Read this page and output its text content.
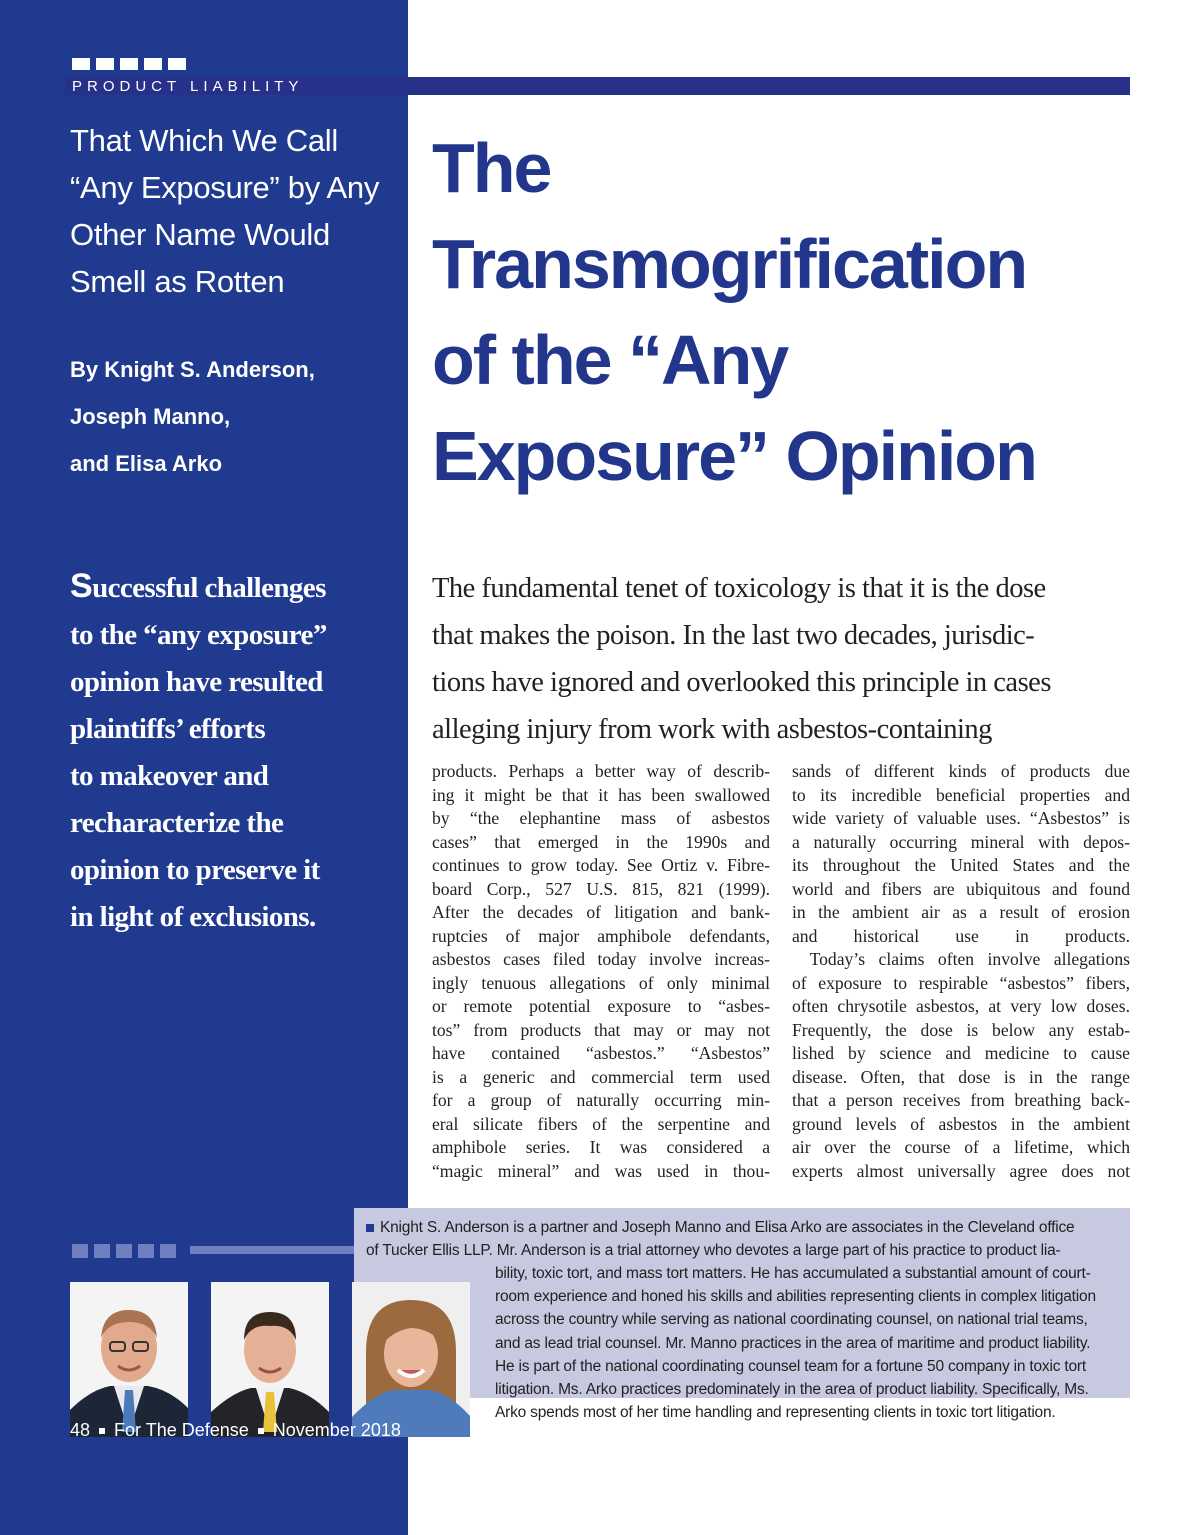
PRODUCT LIABILITY
That Which We Call
“Any Exposure” by Any
Other Name Would
Smell as Rotten
By Knight S. Anderson,
Joseph Manno,
and Elisa Arko
Successful challenges
to the “any exposure”
opinion have resulted
plaintiffs’ efforts
to makeover and
recharacterize the
opinion to preserve it
in light of exclusions.
The
Transmogrification
of the “Any
Exposure” Opinion
The fundamental tenet of toxicology is that it is the dose
that makes the poison. In the last two decades, jurisdic-
tions have ignored and overlooked this principle in cases
alleging injury from work with asbestos-containing
products. Perhaps a better way of describ-
ing it might be that it has been swallowed
by “the elephantine mass of asbestos
cases” that emerged in the 1990s and
continues to grow today. See Ortiz v. Fibre-
board Corp., 527 U.S. 815, 821 (1999).
After the decades of litigation and bank-
ruptcies of major amphibole defendants,
asbestos cases filed today involve increas-
ingly tenuous allegations of only minimal
or remote potential exposure to “asbes-
tos” from products that may or may not
have contained “asbestos.” “Asbestos”
is a generic and commercial term used
for a group of naturally occurring min-
eral silicate fibers of the serpentine and
amphibole series. It was considered a
“magic mineral” and was used in thou-
sands of different kinds of products due
to its incredible beneficial properties and
wide variety of valuable uses. “Asbestos” is
a naturally occurring mineral with depos-
its throughout the United States and the
world and fibers are ubiquitous and found
in the ambient air as a result of erosion
and historical use in products.
 Today’s claims often involve allegations
of exposure to respirable “asbestos” fibers,
often chrysotile asbestos, at very low doses.
Frequently, the dose is below any estab-
lished by science and medicine to cause
disease. Often, that dose is in the range
that a person receives from breathing back-
ground levels of asbestos in the ambient
air over the course of a lifetime, which
experts almost universally agree does not
Knight S. Anderson is a partner and Joseph Manno and Elisa Arko are associates in the Cleveland office
of Tucker Ellis LLP. Mr. Anderson is a trial attorney who devotes a large part of his practice to product lia-
bility, toxic tort, and mass tort matters. He has accumulated a substantial amount of court-
room experience and honed his skills and abilities representing clients in complex litigation
across the country while serving as national coordinating counsel, on national trial teams,
and as lead trial counsel. Mr. Manno practices in the area of maritime and product liability.
He is part of the national coordinating counsel team for a fortune 50 company in toxic tort
litigation. Ms. Arko practices predominately in the area of product liability. Specifically, Ms.
Arko spends most of her time handling and representing clients in toxic tort litigation.
48 For The Defense November 2018
